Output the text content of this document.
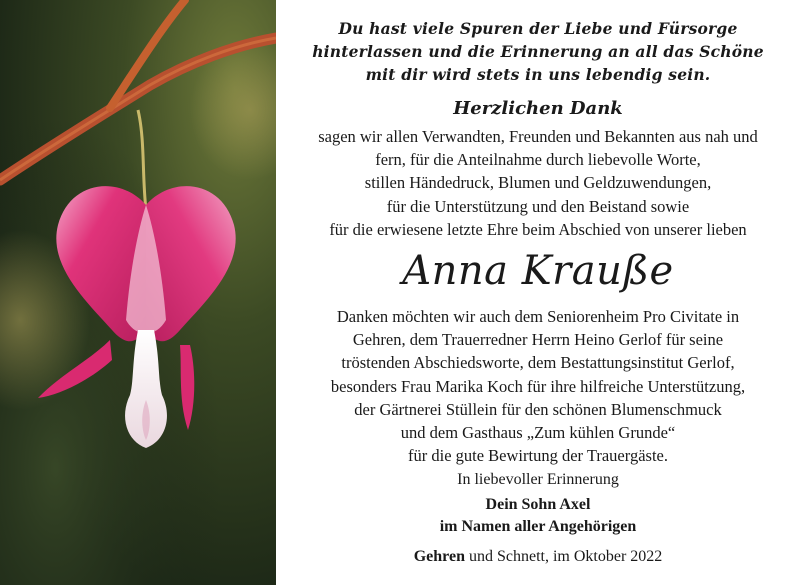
Du hast viele Spuren der Liebe und Fürsorge
hinterlassen und die Erinnerung an all das Schöne
mit dir wird stets in uns lebendig sein.
Herzlichen Dank
sagen wir allen Verwandten, Freunden und Bekannten aus nah und
fern, für die Anteilnahme durch liebevolle Worte,
stillen Händedruck, Blumen und Geldzuwendungen,
für die Unterstützung und den Beistand sowie
für die erwiesene letzte Ehre beim Abschied von unserer lieben
Anna Krauße
Danken möchten wir auch dem Seniorenheim Pro Civitate in
Gehren, dem Trauerredner Herrn Heino Gerlof für seine
tröstenden Abschiedsworte, dem Bestattungsinstitut Gerlof,
besonders Frau Marika Koch für ihre hilfreiche Unterstützung,
der Gärtnerei Stüllein für den schönen Blumenschmuck
und dem Gasthaus „Zum kühlen Grunde“
für die gute Bewirtung der Trauergäste.
In liebevoller Erinnerung
Dein Sohn Axel
im Namen aller Angehörigen
Gehren und Schnett, im Oktober 2022
